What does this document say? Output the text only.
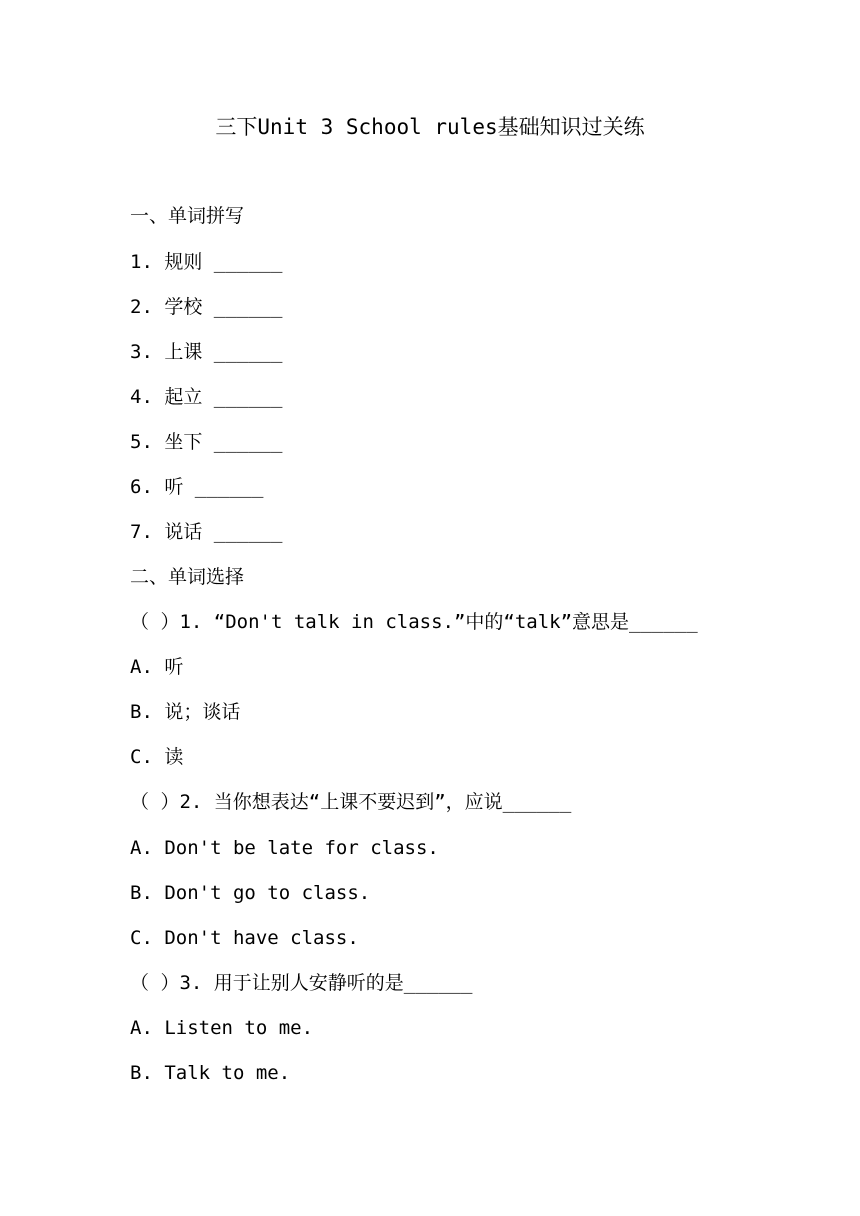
三下Unit 3 School rules基础知识过关练
一、单词拼写
1. 规则 ______
2. 学校 ______
3. 上课 ______
4. 起立 ______
5. 坐下 ______
6. 听 ______
7. 说话 ______
二、单词选择
（ ）1. “Don't talk in class.”中的“talk”意思是______
A. 听
B. 说；谈话
C. 读
（ ）2. 当你想表达“上课不要迟到”，应说______
A. Don't be late for class.
B. Don't go to class.
C. Don't have class.
（ ）3. 用于让别人安静听的是______
A. Listen to me.
B. Talk to me.
